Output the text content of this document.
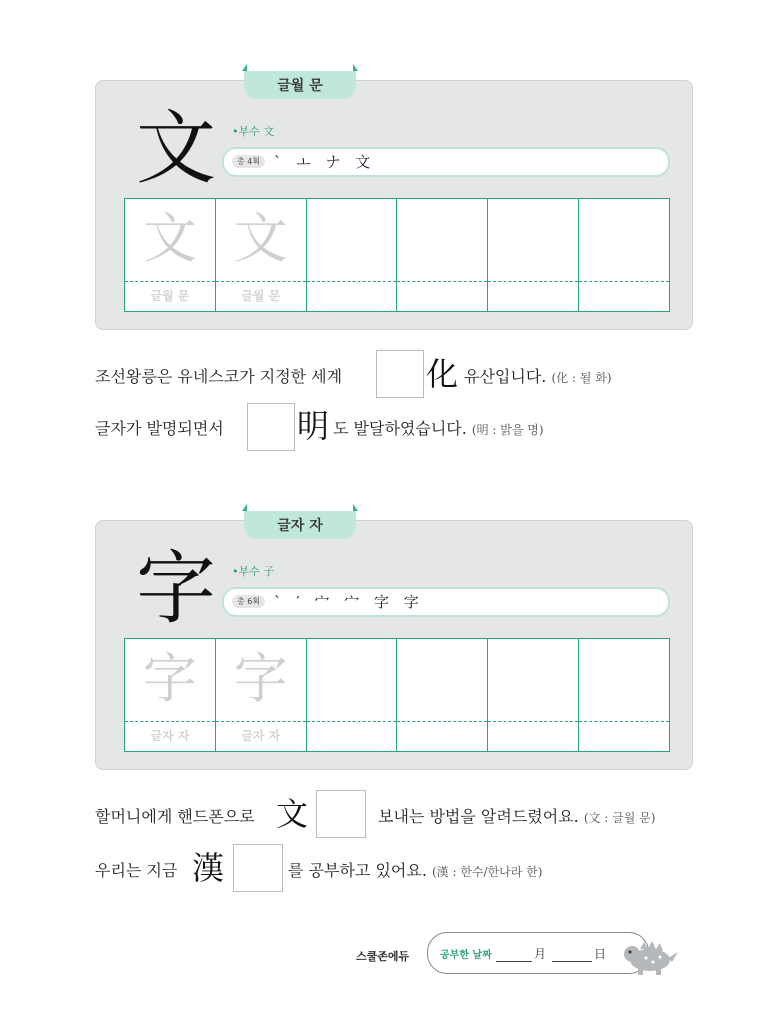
글월 문
文 •부수 文
총 4획 ` ㅗ ナ 文
文
글월 문
文
글월 문
조선왕릉은 유네스코가 지정한 세계	化 유산입니다. (化 : 될 화)
글자가 발명되면서 明 도 발달하였습니다. (明 : 밝을 명)
글자 자
字 •부수 子
총 6획 ` ′ 宀 宀 字 字
字
글자 자
字
글자 자
할머니에게 핸드폰으로 文	보내는 방법을 알려드렸어요. (文 : 글월 문)
우리는 지금 漢	를 공부하고 있어요. (漢 : 한수/한나라 한)
스쿨존에듀	공부한 날짜	月	日
